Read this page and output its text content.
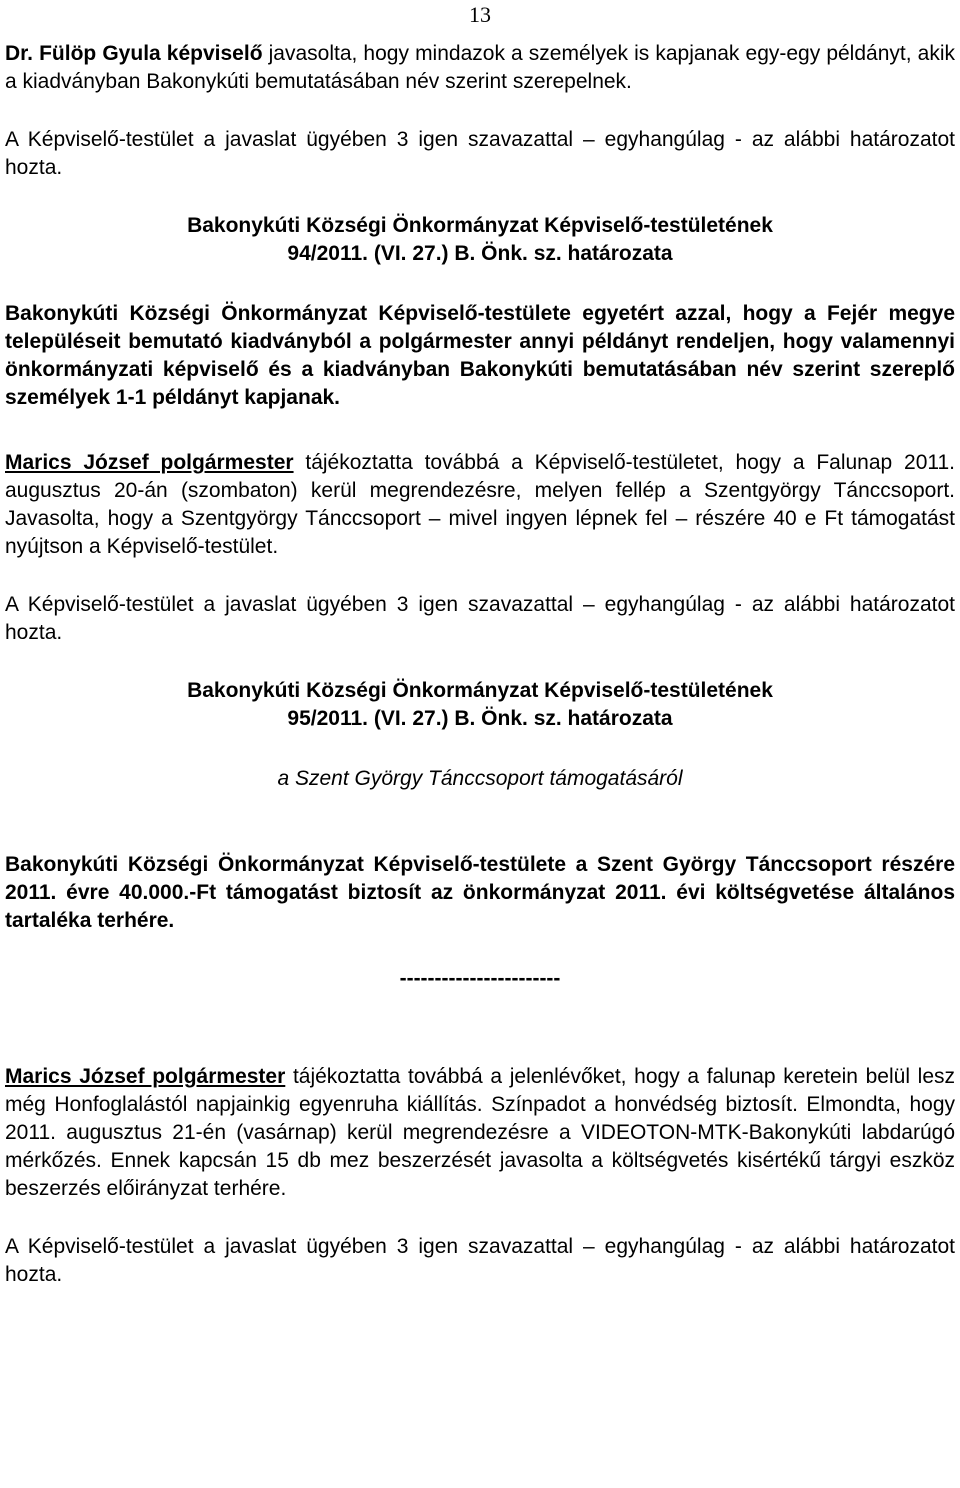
13

Dr. Fülöp Gyula képviselő javasolta, hogy mindazok a személyek is kapjanak egy-egy példányt, akik a kiadványban Bakonykúti bemutatásában név szerint szerepelnek.

A Képviselő-testület a javaslat ügyében 3 igen szavazattal – egyhangúlag - az alábbi határozatot hozta.

Bakonykúti Községi Önkormányzat Képviselő-testületének
94/2011. (VI. 27.) B. Önk. sz. határozata

Bakonykúti Községi Önkormányzat Képviselő-testülete egyetért azzal, hogy a Fejér megye településeit bemutató kiadványból a polgármester annyi példányt rendeljen, hogy valamennyi önkormányzati képviselő és a kiadványban Bakonykúti bemutatásában név szerint szereplő személyek 1-1 példányt kapjanak.

Marics József polgármester tájékoztatta továbbá a Képviselő-testületet, hogy a Falunap 2011. augusztus 20-án (szombaton) kerül megrendezésre, melyen fellép a Szentgyörgy Tánccsoport. Javasolta, hogy a Szentgyörgy Tánccsoport – mivel ingyen lépnek fel – részére 40 e Ft támogatást nyújtson a Képviselő-testület.

A Képviselő-testület a javaslat ügyében 3 igen szavazattal – egyhangúlag - az alábbi határozatot hozta.

Bakonykúti Községi Önkormányzat Képviselő-testületének
95/2011. (VI. 27.) B. Önk. sz. határozata
a Szent György Tánccsoport támogatásáról

Bakonykúti Községi Önkormányzat Képviselő-testülete a Szent György Tánccsoport részére 2011. évre 40.000.-Ft támogatást biztosít az önkormányzat 2011. évi költségvetése általános tartaléka terhére.

-----------------------

Marics József polgármester tájékoztatta továbbá a jelenlévőket, hogy a falunap keretein belül lesz még Honfoglalástól napjainkig egyenruha kiállítás. Színpadot a honvédség biztosít. Elmondta, hogy 2011. augusztus 21-én (vasárnap) kerül megrendezésre a VIDEOTON-MTK-Bakonykúti labdarúgó mérkőzés. Ennek kapcsán 15 db mez beszerzését javasolta a költségvetés kisértékű tárgyi eszköz beszerzés előirányzat terhére.

A Képviselő-testület a javaslat ügyében 3 igen szavazattal – egyhangúlag - az alábbi határozatot hozta.
